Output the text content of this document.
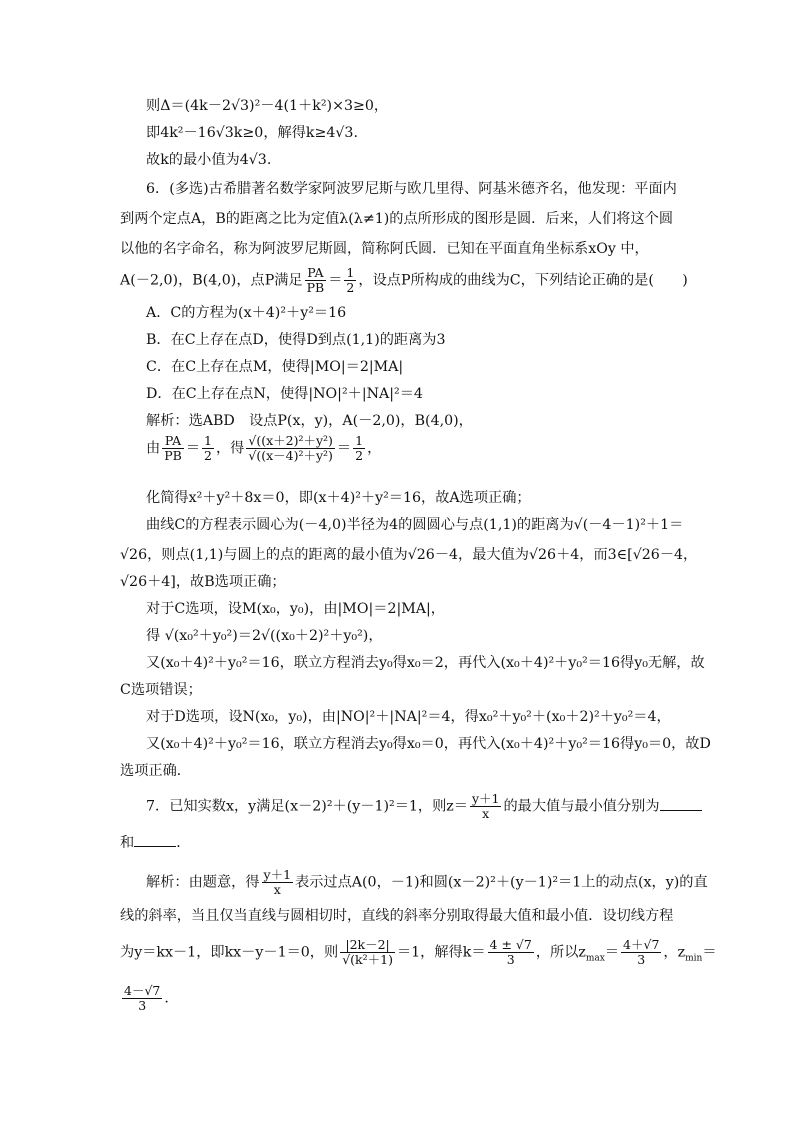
则Δ＝(4k－2√3)²－4(1＋k²)×3≥0，
即4k²－16√3k≥0，解得k≥4√3.
故k的最小值为4√3.
6．(多选)古希腊著名数学家阿波罗尼斯与欧几里得、阿基米德齐名，他发现：平面内
到两个定点A，B的距离之比为定值λ(λ≠1)的点所形成的图形是圆．后来，人们将这个圆
以他的名字命名，称为阿波罗尼斯圆，简称阿氏圆．已知在平面直角坐标系xOy 中，
A(－2,0)，B(4,0)，点P满足 $\frac{PA}{PB} = \frac{1}{2}$ ，设点P所构成的曲线为C，下列结论正确的是(　　)
A．C的方程为(x＋4)²＋y²＝16
B．在C上存在点D，使得D到点(1,1)的距离为3
C．在C上存在点M，使得|MO|＝2|MA|
D．在C上存在点N，使得|NO|²＋|NA|²＝4
解析：选ABD　设点P(x，y)，A(－2,0)，B(4,0)，
由 $\frac{PA}{PB} = \frac{1}{2}$ ，得 $\frac{\text{√((x＋2)²＋y²)}}{\text{√((x－4)²＋y²)}} = \frac{1}{2}$ ，
化简得x²＋y²＋8x＝0，即(x＋4)²＋y²＝16，故A选项正确；
曲线C的方程表示圆心为(－4,0)半径为4的圆圆心与点(1,1)的距离为√(－4－1)²＋1＝
√26，则点(1,1)与圆上的点的距离的最小值为√26－4，最大值为√26＋4，而3∈[√26－4，
√26＋4]，故B选项正确；
对于C选项，设M(x₀，y₀)，由|MO|＝2|MA|，
得 √(x₀²＋y₀²)＝2√((x₀＋2)²＋y₀²)，
又(x₀＋4)²＋y₀²＝16，联立方程消去y₀得x₀＝2，再代入(x₀＋4)²＋y₀²＝16得y₀无解，故
C选项错误；
对于D选项，设N(x₀，y₀)，由|NO|²＋|NA|²＝4，得x₀²＋y₀²＋(x₀＋2)²＋y₀²＝4，
又(x₀＋4)²＋y₀²＝16，联立方程消去y₀得x₀＝0，再代入(x₀＋4)²＋y₀²＝16得y₀＝0，故D
选项正确．
7．已知实数x，y满足(x－2)²＋(y－1)²＝1，则$z= \frac{y+1}{x}$ 的最大值与最小值分别为
和	．
解析：由题意，得 $\frac{y+1}{x}$ 表示过点A(0，－1)和圆(x－2)²＋(y－1)²＝1上的动点(x，y)的直
线的斜率，当且仅当直线与圆相切时，直线的斜率分别取得最大值和最小值．设切线方程
为y＝kx－1，即kx－y－1＝0，则 $\frac{|2k-2|}{\text{√(k²＋1)}} =1$，解得$k= \frac{4 \pm √7}{3}$ ，所以$z_{max}= \frac{4+√7}{3}$ ，$z_{min}=$
$\frac{4-√7}{3}$ .
